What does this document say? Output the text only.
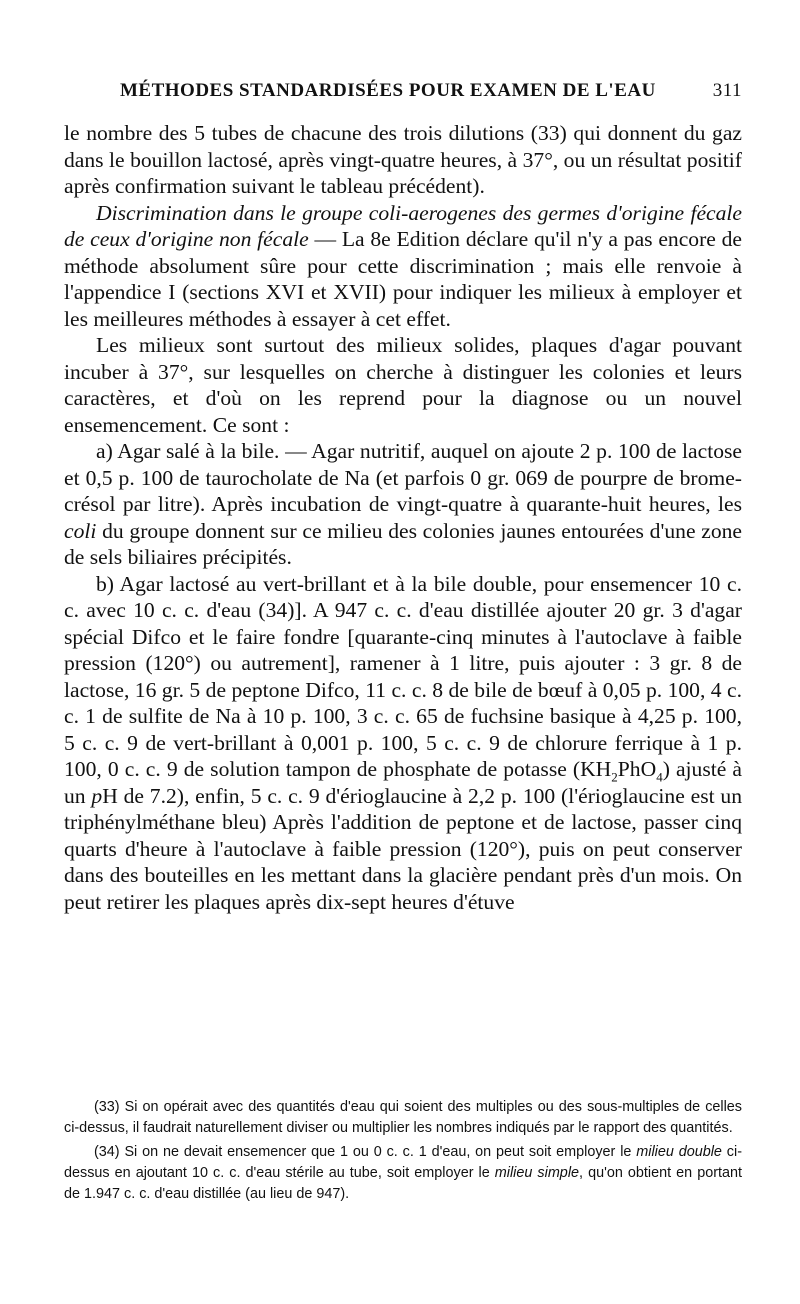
MÉTHODES STANDARDISÉES POUR EXAMEN DE L'EAU	311

le nombre des 5 tubes de chacune des trois dilutions (33) qui donnent du gaz dans le bouillon lactosé, après vingt-quatre heures, à 37°, ou un résultat positif après confirmation suivant le tableau précédent).

Discrimination dans le groupe coli-aerogenes des germes d'origine fécale de ceux d'origine non fécale — La 8e Edition déclare qu'il n'y a pas encore de méthode absolument sûre pour cette discrimination ; mais elle renvoie à l'appendice I (sections XVI et XVII) pour indiquer les milieux à employer et les meilleures méthodes à essayer à cet effet.

Les milieux sont surtout des milieux solides, plaques d'agar pouvant incuber à 37°, sur lesquelles on cherche à distinguer les colonies et leurs caractères, et d'où on les reprend pour la diagnose ou un nouvel ensemencement. Ce sont :

a) Agar salé à la bile. — Agar nutritif, auquel on ajoute 2 p. 100 de lactose et 0,5 p. 100 de taurocholate de Na (et parfois 0 gr. 069 de pourpre de brome-crésol par litre). Après incubation de vingt-quatre à quarante-huit heures, les coli du groupe donnent sur ce milieu des colonies jaunes entourées d'une zone de sels biliaires précipités.

b) Agar lactosé au vert-brillant et à la bile double, pour ensemencer 10 c. c. avec 10 c. c. d'eau (34)]. A 947 c. c. d'eau distillée ajouter 20 gr. 3 d'agar spécial Difco et le faire fondre [quarante-cinq minutes à l'autoclave à faible pression (120°) ou autrement], ramener à 1 litre, puis ajouter : 3 gr. 8 de lactose, 16 gr. 5 de peptone Difco, 11 c. c. 8 de bile de bœuf à 0,05 p. 100, 4 c. c. 1 de sulfite de Na à 10 p. 100, 3 c. c. 65 de fuchsine basique à 4,25 p. 100, 5 c. c. 9 de vert-brillant à 0,001 p. 100, 5 c. c. 9 de chlorure ferrique à 1 p. 100, 0 c. c. 9 de solution tampon de phosphate de potasse $(KH_2PhO_4)$ ajusté à un pH de 7.2), enfin, 5 c. c. 9 d'érioglaucine à 2,2 p. 100 (l'érioglaucine est un triphénylméthane bleu) Après l'addition de peptone et de lactose, passer cinq quarts d'heure à l'autoclave à faible pression (120°), puis on peut conserver dans des bouteilles en les mettant dans la glacière pendant près d'un mois. On peut retirer les plaques après dix-sept heures d'étuve

(33) Si on opérait avec des quantités d'eau qui soient des multiples ou des sous-multiples de celles ci-dessus, il faudrait naturellement diviser ou multiplier les nombres indiqués par le rapport des quantités.

(34) Si on ne devait ensemencer que 1 ou 0 c. c. 1 d'eau, on peut soit employer le milieu double ci-dessus en ajoutant 10 c. c. d'eau stérile au tube, soit employer le milieu simple, qu'on obtient en portant de 1.947 c. c. d'eau distillée (au lieu de 947).
